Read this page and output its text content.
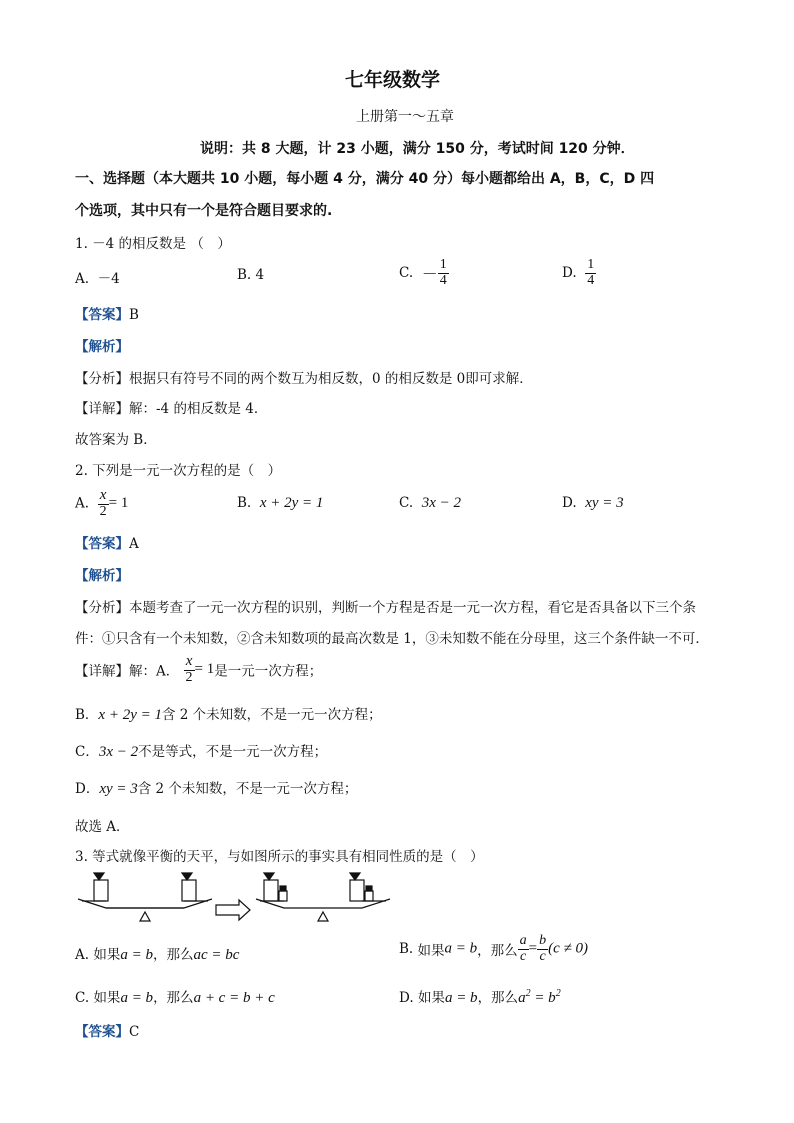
七年级数学
上册第一～五章
说明：共 8 大题，计 23 小题，满分 150 分，考试时间 120 分钟．
一、选择题（本大题共 10 小题，每小题 4 分，满分 40 分）每小题都给出 A，B，C，D 四
个选项，其中只有一个是符合题目要求的.
1. －4 的相反数是 （　）
A. －4	B. 4	C. － $\frac{1}{4}$	D. $\frac{1}{4}$
【答案】B
【解析】
【分析】根据只有符号不同的两个数互为相反数，0 的相反数是 0即可求解．
【详解】解：-4 的相反数是 4．
故答案为 B．
2. 下列是一元一次方程的是（　）
A. $\frac{x}{2} = 1$	B. x + 2y = 1	C. 3x − 2	D. xy = 3
【答案】A
【解析】
【分析】本题考查了一元一次方程的识别，判断一个方程是否是一元一次方程，看它是否具备以下三个条
件：①只含有一个未知数，②含未知数项的最高次数是 1，③未知数不能在分母里，这三个条件缺一不可．
【详解】解：A． $\frac{x}{2} = 1$是一元一次方程；
B．x + 2y = 1含 2 个未知数，不是一元一次方程；
C．3x − 2不是等式，不是一元一次方程；
D．xy = 3含 2 个未知数，不是一元一次方程；
故选 A．
3. 等式就像平衡的天平，与如图所示的事实具有相同性质的是（　）
A. 如果a = b，那么ac = bc	B. 如果a = b，那么 $\frac{a}{c} = \frac{b}{c} (c \ne 0)$
C. 如果a = b，那么a + c = b + c	D. 如果a = b，那么$a^2 = b^2$
【答案】C
